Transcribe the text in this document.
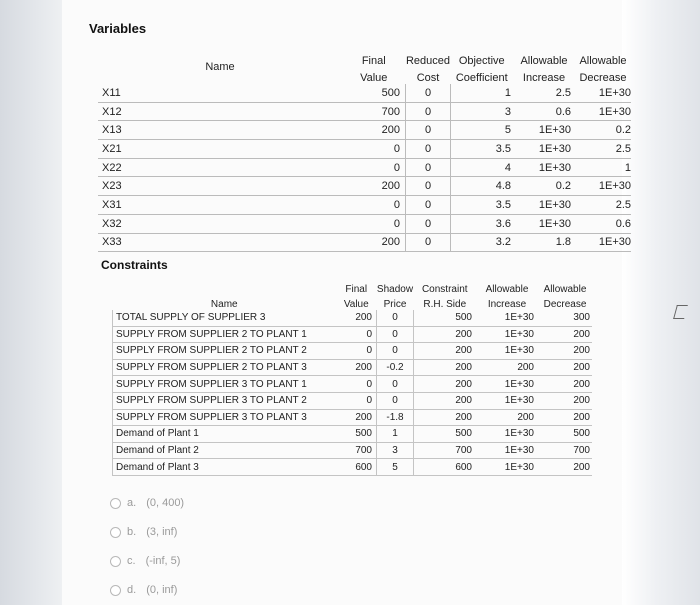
Variables
Name	Final	Reduced	Objective	Allowable	Allowable
	Value	Cost	Coefficient	Increase	Decrease
X11	500	0	1	2.5	1E+30
X12	700	0	3	0.6	1E+30
X13	200	0	5	1E+30	0.2
X21	0	0	3.5	1E+30	2.5
X22	0	0	4	1E+30	1
X23	200	0	4.8	0.2	1E+30
X31	0	0	3.5	1E+30	2.5
X32	0	0	3.6	1E+30	0.6
X33	200	0	3.2	1.8	1E+30
Constraints
Name	Final	Shadow	Constraint	Allowable	Allowable
	Value	Price	R.H. Side	Increase	Decrease
TOTAL SUPPLY OF SUPPLIER 3	200	0	500	1E+30	300
SUPPLY FROM SUPPLIER 2 TO PLANT 1	0	0	200	1E+30	200
SUPPLY FROM SUPPLIER 2 TO PLANT 2	0	0	200	1E+30	200
SUPPLY FROM SUPPLIER 2 TO PLANT 3	200	-0.2	200	200	200
SUPPLY FROM SUPPLIER 3 TO PLANT 1	0	0	200	1E+30	200
SUPPLY FROM SUPPLIER 3 TO PLANT 2	0	0	200	1E+30	200
SUPPLY FROM SUPPLIER 3 TO PLANT 3	200	-1.8	200	200	200
Demand of Plant 1	500	1	500	1E+30	500
Demand of Plant 2	700	3	700	1E+30	700
Demand of Plant 3	600	5	600	1E+30	200
a. (0, 400)
b. (3, inf)
c. (-inf, 5)
d. (0, inf)
